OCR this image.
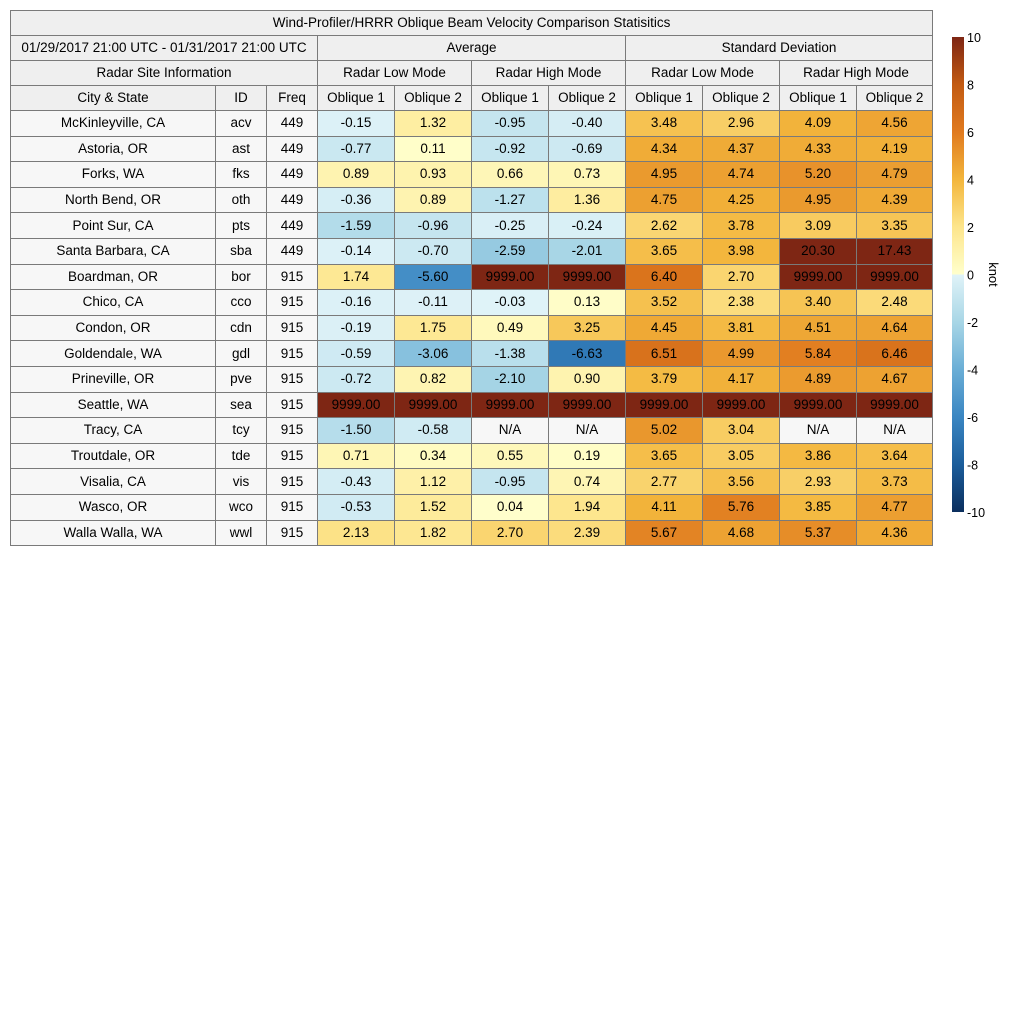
Wind-Profiler/HRRR Oblique Beam Velocity Comparison Statisitics										
01/29/2017 21:00 UTC - 01/31/2017 21:00 UTC			Average				Standard Deviation			
Radar Site Information			Radar Low Mode		Radar High Mode		Radar Low Mode		Radar High Mode	
City & State	ID	Freq	Oblique 1	Oblique 2	Oblique 1	Oblique 2	Oblique 1	Oblique 2	Oblique 1	Oblique 2
McKinleyville, CA	acv	449	-0.15	1.32	-0.95	-0.40	3.48	2.96	4.09	4.56
Astoria, OR	ast	449	-0.77	0.11	-0.92	-0.69	4.34	4.37	4.33	4.19
Forks, WA	fks	449	0.89	0.93	0.66	0.73	4.95	4.74	5.20	4.79
North Bend, OR	oth	449	-0.36	0.89	-1.27	1.36	4.75	4.25	4.95	4.39
Point Sur, CA	pts	449	-1.59	-0.96	-0.25	-0.24	2.62	3.78	3.09	3.35
Santa Barbara, CA	sba	449	-0.14	-0.70	-2.59	-2.01	3.65	3.98	20.30	17.43
Boardman, OR	bor	915	1.74	-5.60	9999.00	9999.00	6.40	2.70	9999.00	9999.00
Chico, CA	cco	915	-0.16	-0.11	-0.03	0.13	3.52	2.38	3.40	2.48
Condon, OR	cdn	915	-0.19	1.75	0.49	3.25	4.45	3.81	4.51	4.64
Goldendale, WA	gdl	915	-0.59	-3.06	-1.38	-6.63	6.51	4.99	5.84	6.46
Prineville, OR	pve	915	-0.72	0.82	-2.10	0.90	3.79	4.17	4.89	4.67
Seattle, WA	sea	915	9999.00	9999.00	9999.00	9999.00	9999.00	9999.00	9999.00	9999.00
Tracy, CA	tcy	915	-1.50	-0.58	N/A	N/A	5.02	3.04	N/A	N/A
Troutdale, OR	tde	915	0.71	0.34	0.55	0.19	3.65	3.05	3.86	3.64
Visalia, CA	vis	915	-0.43	1.12	-0.95	0.74	2.77	3.56	2.93	3.73
Wasco, OR	wco	915	-0.53	1.52	0.04	1.94	4.11	5.76	3.85	4.77
Walla Walla, WA	wwl	915	2.13	1.82	2.70	2.39	5.67	4.68	5.37	4.36
10
8
6
4
2
0
-2
-4
-6
-8
-10
knot
